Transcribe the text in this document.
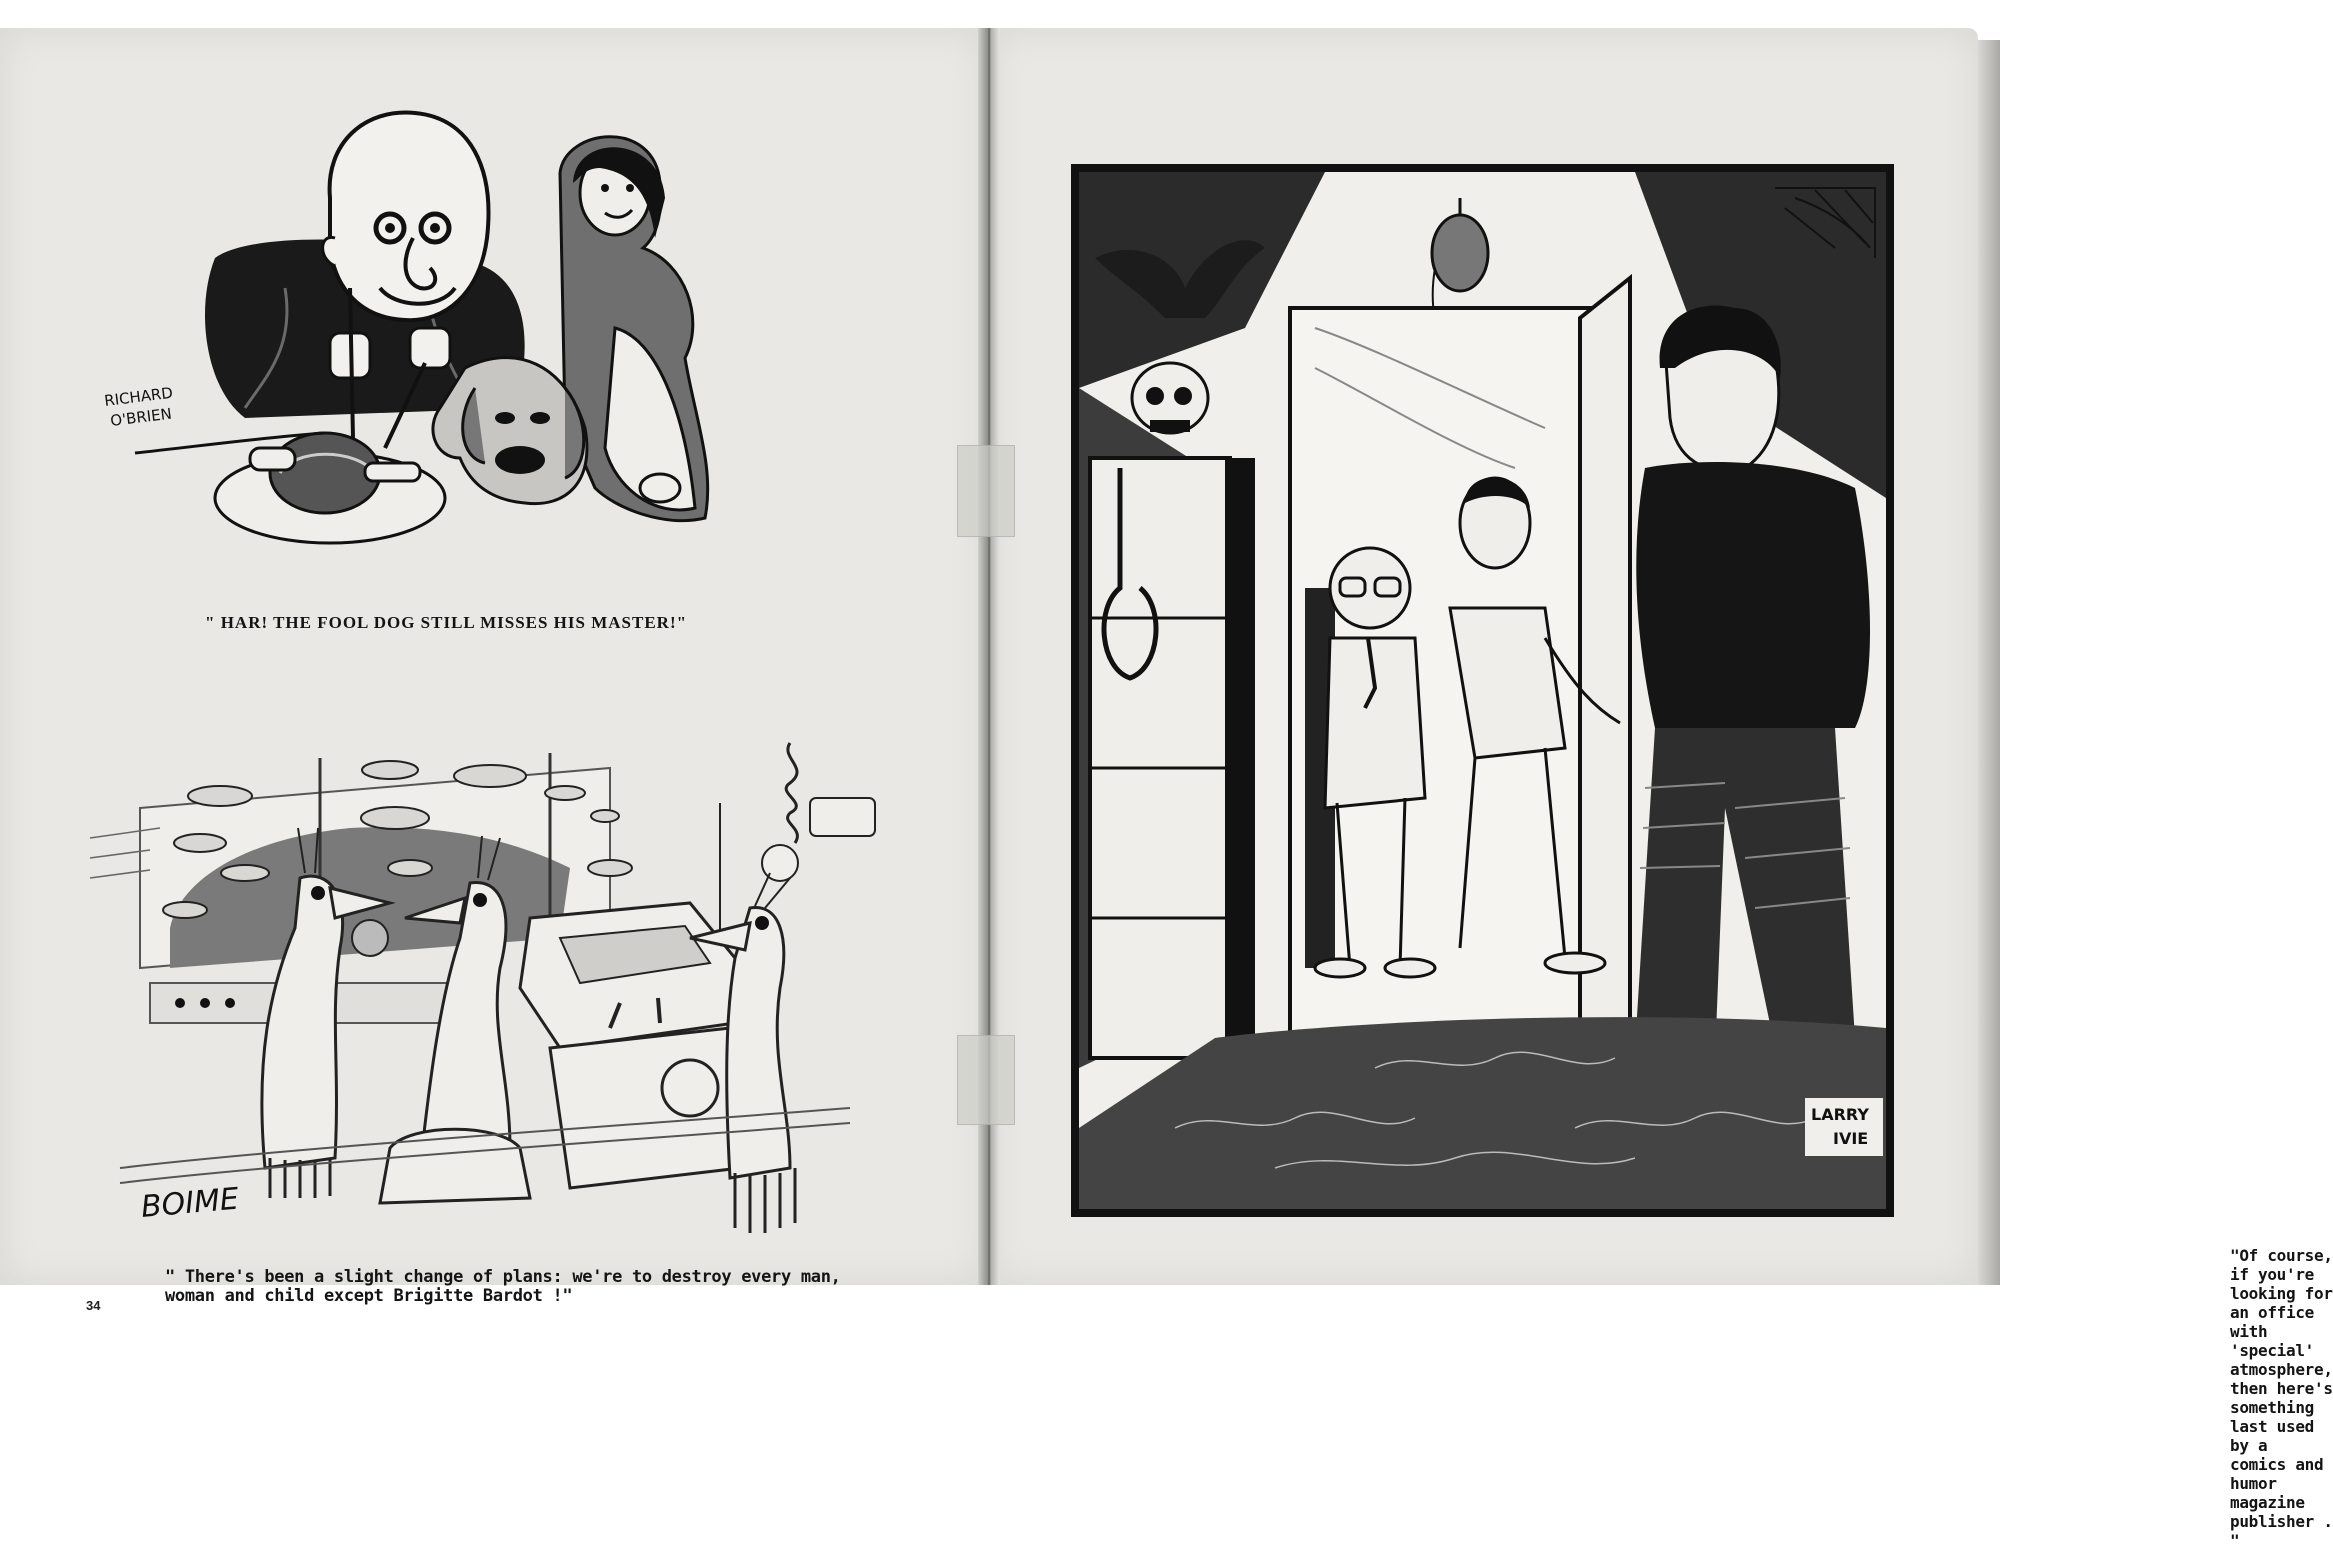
RICHARD
O'BRIEN
" HAR! THE FOOL DOG STILL MISSES HIS MASTER!"
BOIME
" There's been a slight change of plans: we're to destroy every man,
woman and child except Brigitte Bardot !"
34
LARRY
IVIE
"Of course, if you're looking for an office with 'special'
atmosphere, then here's something last used by a
comics and humor magazine publisher . "
